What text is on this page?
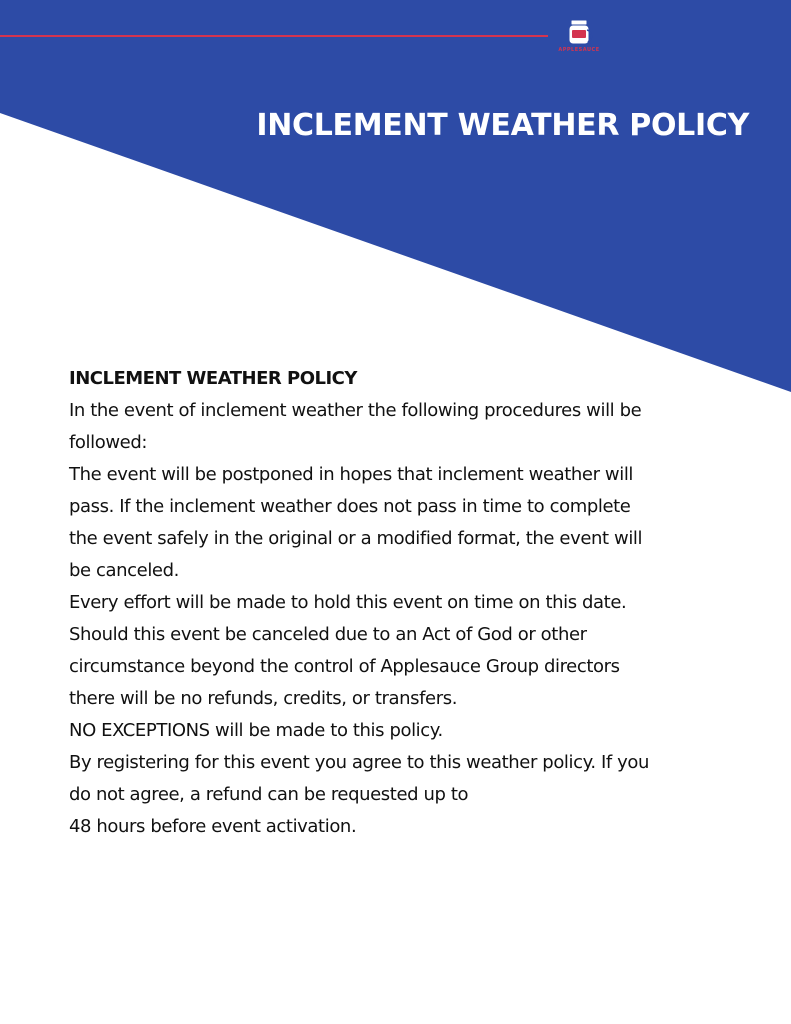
APPLESAUCE
INCLEMENT WEATHER POLICY

INCLEMENT WEATHER POLICY

In the event of inclement weather the following procedures will be

followed:

The event will be postponed in hopes that inclement weather will

pass. If the inclement weather does not pass in time to complete

the event safely in the original or a modified format, the event will

be canceled.

Every effort will be made to hold this event on time on this date.

Should this event be canceled due to an Act of God or other

circumstance beyond the control of Applesauce Group directors

there will be no refunds, credits, or transfers.

NO EXCEPTIONS will be made to this policy.

By registering for this event you agree to this weather policy. If you

do not agree, a refund can be requested up to

48 hours before event activation.
